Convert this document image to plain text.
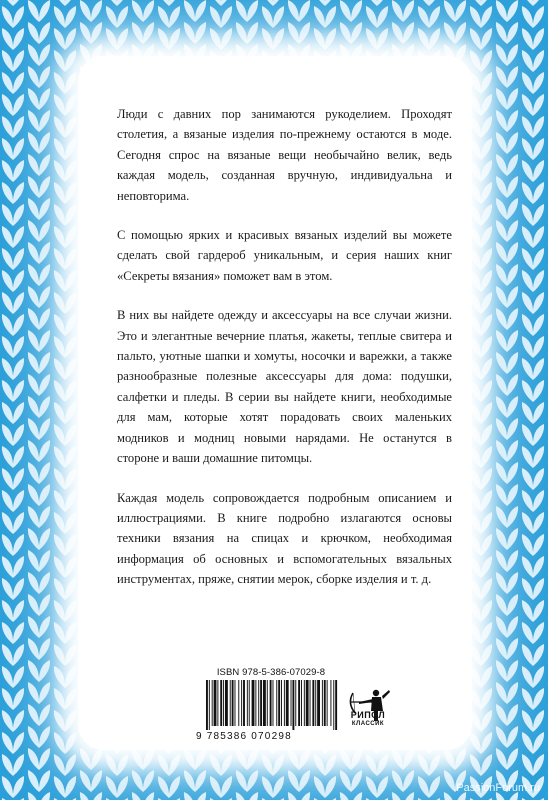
Люди с давних пор занимаются рукоделием. Проходят столетия, а вязаные изделия по-прежнему остаются в моде. Сегодня спрос на вязаные вещи необычайно велик, ведь каждая модель, созданная вручную, индивидуальна и неповторима.

С помощью ярких и красивых вязаных изделий вы можете сделать свой гардероб уникальным, и серия наших книг «Секреты вязания» поможет вам в этом.

В них вы найдете одежду и аксессуары на все случаи жизни. Это и элегантные вечерние платья, жакеты, теплые свитера и пальто, уютные шапки и хомуты, носочки и варежки, а также разнообразные полезные аксессуары для дома: подушки, салфетки и пледы. В серии вы найдете книги, необходимые для мам, которые хотят порадовать своих маленьких модников и модниц новыми нарядами. Не останутся в стороне и ваши домашние питомцы.

Каждая модель сопровождается подробным описанием и иллюстрациями. В книге подробно излагаются основы техники вязания на спицах и крючком, необходимая информация об основных и вспомогательных вязальных инструментах, пряже, снятии мерок, сборке изделия и т. д.

ISBN 978-5-386-07029-8
9 785386 070298
РИПОЛ
КЛАССИК
PassionForum.ru
